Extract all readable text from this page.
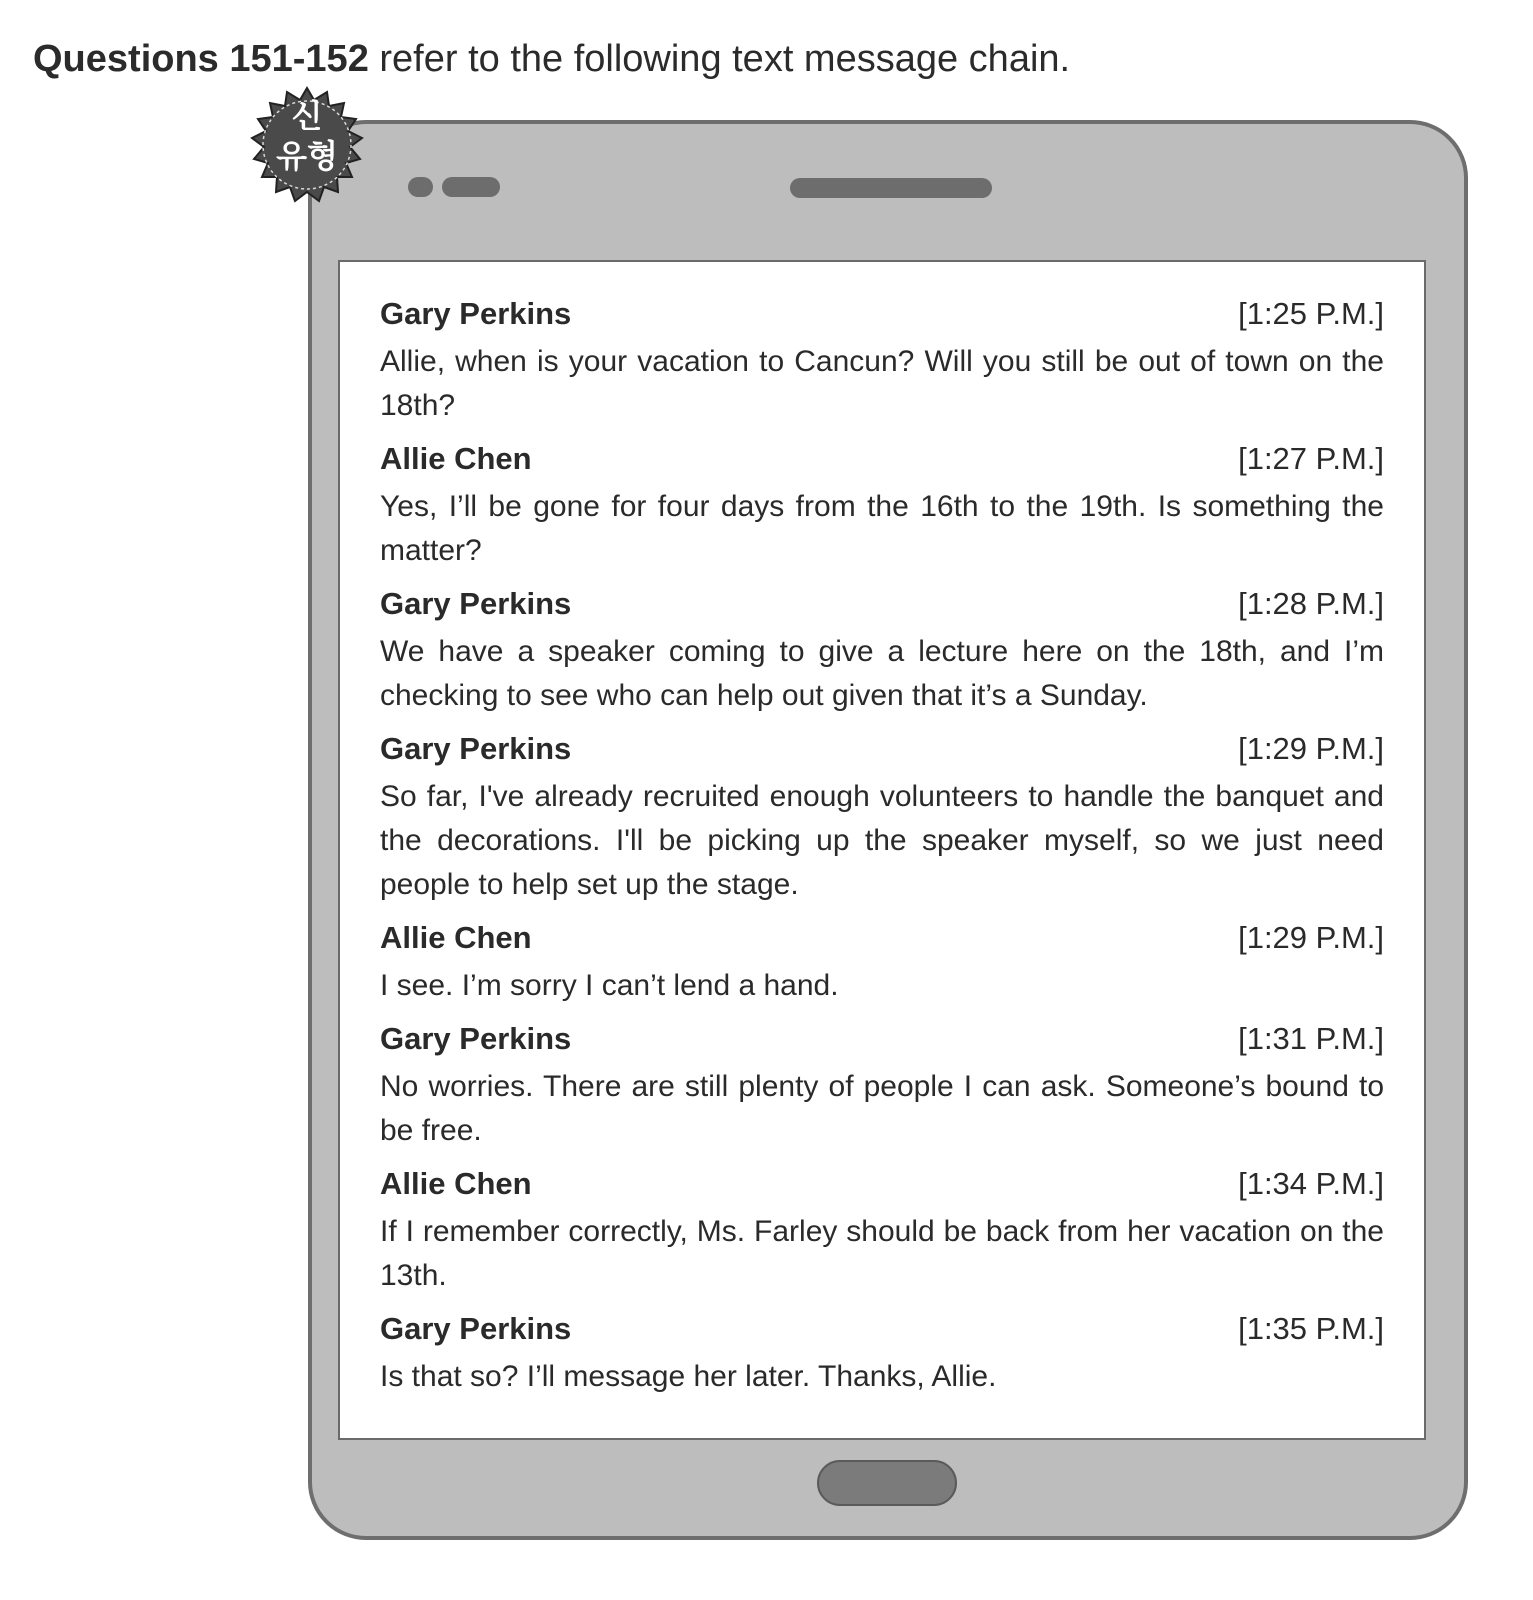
Questions 151-152 refer to the following text message chain.
Gary Perkins	[1:25 P.M.]
Allie, when is your vacation to Cancun? Will you still be out of town on the 18th?
Allie Chen	[1:27 P.M.]
Yes, I’ll be gone for four days from the 16th to the 19th. Is something the matter?
Gary Perkins	[1:28 P.M.]
We have a speaker coming to give a lecture here on the 18th, and I’m checking to see who can help out given that it’s a Sunday.
Gary Perkins	[1:29 P.M.]
So far, I've already recruited enough volunteers to handle the banquet and the decorations. I'll be picking up the speaker myself, so we just need people to help set up the stage.
Allie Chen	[1:29 P.M.]
I see. I’m sorry I can’t lend a hand.
Gary Perkins	[1:31 P.M.]
No worries. There are still plenty of people I can ask. Someone’s bound to be free.
Allie Chen	[1:34 P.M.]
If I remember correctly, Ms. Farley should be back from her vacation on the 13th.
Gary Perkins	[1:35 P.M.]
Is that so? I’ll message her later. Thanks, Allie.
신
유형
